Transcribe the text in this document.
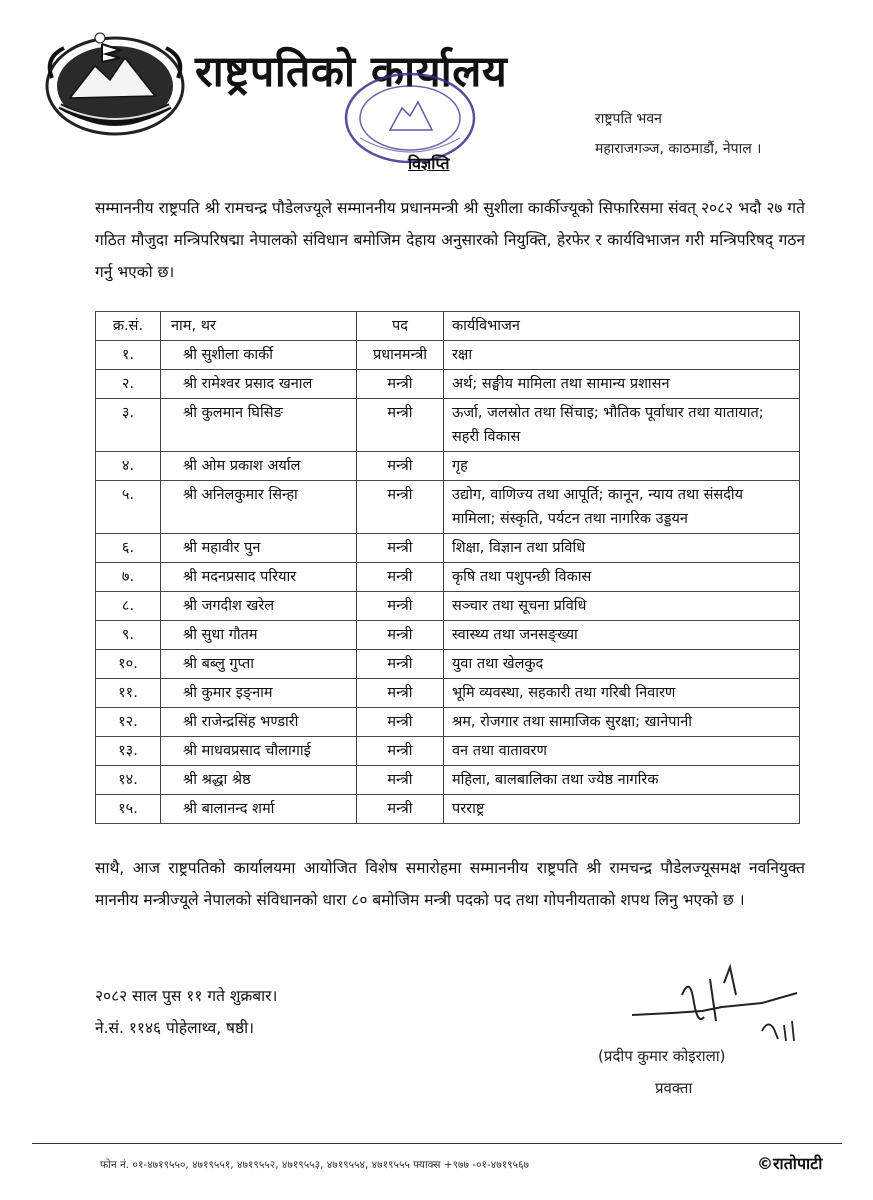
राष्ट्रपतिको कार्यालय
राष्ट्रपति भवन
महाराजगञ्ज, काठमाडौं, नेपाल ।
विज्ञप्ति
सम्माननीय राष्ट्रपति श्री रामचन्द्र पौडेलज्यूले सम्माननीय प्रधानमन्त्री श्री सुशीला कार्कीज्यूको सिफारिसमा संवत् २०८२ भदौ २७ गते गठित मौजुदा मन्त्रिपरिषद्मा नेपालको संविधान बमोजिम देहाय अनुसारको नियुक्ति, हेरफेर र कार्यविभाजन गरी मन्त्रिपरिषद् गठन गर्नु भएको छ।
क्र.सं.	नाम, थर	पद	कार्यविभाजन
१.	श्री सुशीला कार्की	प्रधानमन्त्री	रक्षा
२.	श्री रामेश्वर प्रसाद खनाल	मन्त्री	अर्थ; सङ्घीय मामिला तथा सामान्य प्रशासन
३.	श्री कुलमान घिसिङ	मन्त्री	ऊर्जा, जलस्रोत तथा सिंचाइ; भौतिक पूर्वाधार तथा यातायात; सहरी विकास
४.	श्री ओम प्रकाश अर्याल	मन्त्री	गृह
५.	श्री अनिलकुमार सिन्हा	मन्त्री	उद्योग, वाणिज्य तथा आपूर्ति; कानून, न्याय तथा संसदीय मामिला; संस्कृति, पर्यटन तथा नागरिक उड्डयन
६.	श्री महावीर पुन	मन्त्री	शिक्षा, विज्ञान तथा प्रविधि
७.	श्री मदनप्रसाद परियार	मन्त्री	कृषि तथा पशुपन्छी विकास
८.	श्री जगदीश खरेल	मन्त्री	सञ्चार तथा सूचना प्रविधि
९.	श्री सुधा गौतम	मन्त्री	स्वास्थ्य तथा जनसङ्ख्या
१०.	श्री बब्लु गुप्ता	मन्त्री	युवा तथा खेलकुद
११.	श्री कुमार इङ्नाम	मन्त्री	भूमि व्यवस्था, सहकारी तथा गरिबी निवारण
१२.	श्री राजेन्द्रसिंह भण्डारी	मन्त्री	श्रम, रोजगार तथा सामाजिक सुरक्षा; खानेपानी
१३.	श्री माधवप्रसाद चौलागाई	मन्त्री	वन तथा वातावरण
१४.	श्री श्रद्धा श्रेष्ठ	मन्त्री	महिला, बालबालिका तथा ज्येष्ठ नागरिक
१५.	श्री बालानन्द शर्मा	मन्त्री	परराष्ट्र
साथै, आज राष्ट्रपतिको कार्यालयमा आयोजित विशेष समारोहमा सम्माननीय राष्ट्रपति श्री रामचन्द्र पौडेलज्यूसमक्ष नवनियुक्त माननीय मन्त्रीज्यूले नेपालको संविधानको धारा ८० बमोजिम मन्त्री पदको पद तथा गोपनीयताको शपथ लिनु भएको छ ।
२०८२ साल पुस ११ गते शुक्रबार।
ने.सं. ११४६ पोहेलाथ्व, षष्ठी।
(प्रदीप कुमार कोइराला)
प्रवक्ता
फोन नं. ०१-४७१९५५०, ४७१९५५१, ४७१९५५२, ४७१९५५३, ४७१९५५४, ४७१९५५५ फ्याक्स +९७७ -०१-४७१९५६७	©रातोपाटी
